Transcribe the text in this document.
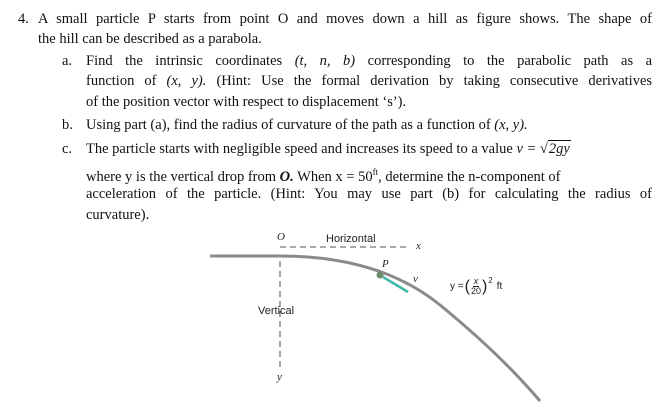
4. A small particle P starts from point O and moves down a hill as figure shows. The shape of
the hill can be described as a parabola.
a. Find the intrinsic coordinates (t, n, b) corresponding to the parabolic path as a
function of (x, y). (Hint: Use the formal derivation by taking consecutive derivatives
of the position vector with respect to displacement ‘s’).
b. Using part (a), find the radius of curvature of the path as a function of (x, y).
c. The particle starts with negligible speed and increases its speed to a value v = √2gy
where y is the vertical drop from O. When $x = 50^{ft}$, determine the n-component of
acceleration of the particle. (Hint: You may use part (b) for calculating the radius of
curvature).
O	Horizontal
x
P
v
Vertical
y
y = ( $\frac{x}{20} )^2$
ft
